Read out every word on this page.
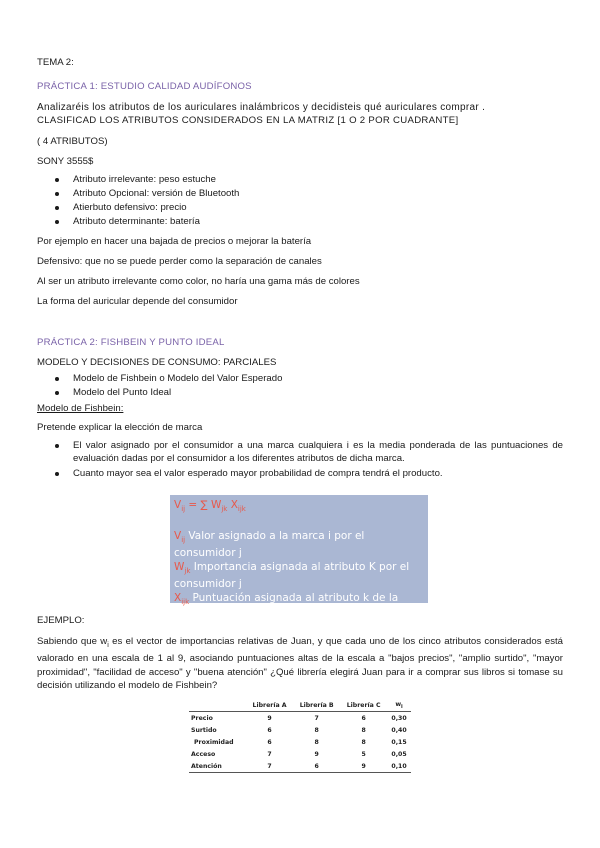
TEMA 2:

PRÁCTICA 1: ESTUDIO CALIDAD AUDÍFONOS

Analizaréis los atributos de los auriculares inalámbricos y decidisteis qué auriculares comprar .

CLASIFICAD LOS ATRIBUTOS CONSIDERADOS EN LA MATRIZ [1 O 2 POR CUADRANTE]

( 4 ATRIBUTOS)

SONY 3555$

Atributo irrelevante: peso estuche
Atributo Opcional: versión de Bluetooth
Atierbuto defensivo: precio
Atributo determinante: batería

Por ejemplo en hacer una bajada de precios o mejorar la batería

Defensivo: que no se puede perder como la separación de canales

Al ser un atributo irrelevante como color, no haría una gama más de colores

La forma del auricular depende del consumidor

PRÁCTICA 2: FISHBEIN Y PUNTO IDEAL

MODELO Y DECISIONES DE CONSUMO: PARCIALES

Modelo de Fishbein o Modelo del Valor Esperado
Modelo del Punto Ideal

Modelo de Fishbein:

Pretende explicar la elección de marca

El valor asignado por el consumidor a una marca cualquiera i es la media ponderada de las puntuaciones de evaluación dadas por el consumidor a los diferentes atributos de dicha marca.
Cuanto mayor sea el valor esperado mayor probabilidad de compra tendrá el producto.
$V_{ij}$ = ∑ $W_{jk}$ $X_{ijk}$
$V_{ij}$ Valor asignado a la marca i por el consumidor j
$W_{jk}$ Importancia asignada al atributo K por el consumidor j
$X_{ijk}$ Puntuación asignada al atributo k de la marca i por el consumidor j

EJEMPLO:

Sabiendo que $w_i$ es el vector de importancias relativas de Juan, y que cada uno de los cinco atributos considerados está valorado en una escala de 1 al 9, asociando puntuaciones altas de la escala a "bajos precios", "amplio surtido", "mayor proximidad", "facilidad de acceso" y "buena atención" ¿Qué librería elegirá Juan para ir a comprar sus libros si tomase su decisión utilizando el modelo de Fishbein?

	Librería A	Librería B	Librería C	$w_i$
Precio	9	7	6	0,30
Surtido	6	8	8	0,40
Proximidad	6	8	8	0,15
Acceso	7	9	5	0,05
Atención	7	6	9	0,10
